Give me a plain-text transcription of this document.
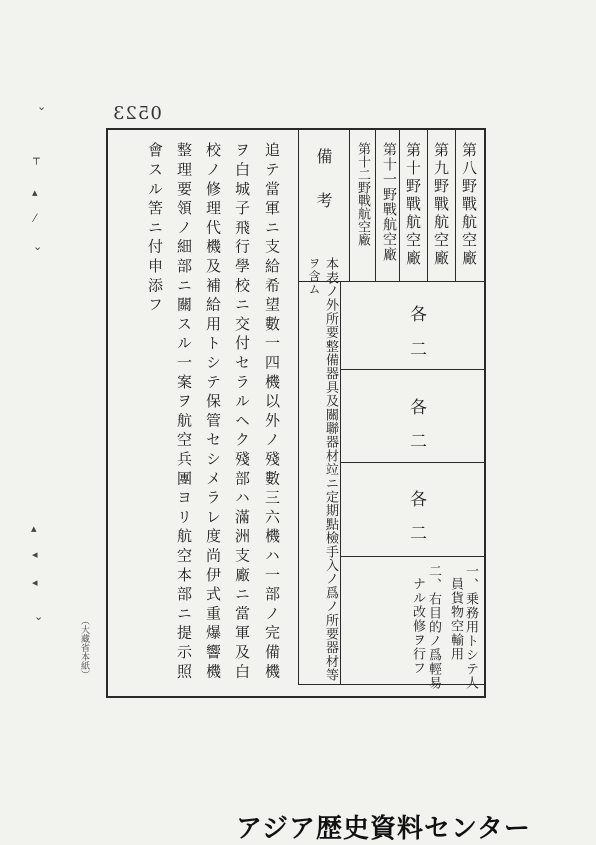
0523
第八野戰航空廠
第九野戰航空廠
第十野戰航空廠
第十一野戰航空廠
第十二野戰航空廠
備考
各
二
各
二
各
二
一、乗務用トシテ人
員貨物空輸用
二、右目的ノ爲輕易
ナル改修ヲ行フ
本表ノ外所要整備器具及關聯器材竝ニ定期點檢手入ノ爲ノ所要器材等
ヲ含ム
追テ當軍ニ支給希望數一四機以外ノ殘數三六機ハ一部ノ完備機
ヲ白城子飛行學校ニ交付セラルヘク殘部ハ滿洲支廠ニ當軍及白
校ノ修理代機及補給用トシテ保管セシメラレ度尚伊式重爆響機
整理要領ノ細部ニ關スル一案ヲ航空兵團ヨリ航空本部ニ提示照
會スル筈ニ付申添フ
（大藏省本紙）
⌄
┬
▴
⁄
⌄
▴
◂
◂
⌄
アジア歴史資料センター
